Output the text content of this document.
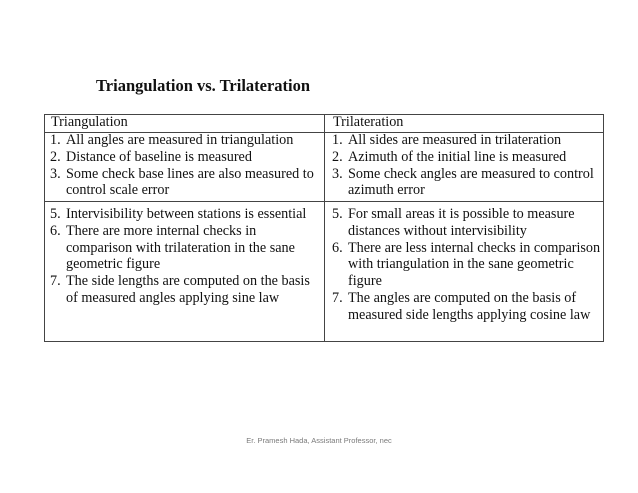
Triangulation vs. Trilateration
Triangulation	Trilateration

1. All angles are measured in triangulation

2. Distance of baseline is measured

3. Some check base lines are also measured to control scale error

1. All sides are measured in trilateration

2. Azimuth of the initial line is measured

3. Some check angles are measured to control azimuth error

5. Intervisibility between stations is essential

6. There are more internal checks in comparison with trilateration in the sane geometric figure

7. The side lengths are computed on the basis of measured angles applying sine law

5. For small areas it is possible to measure distances without intervisibility

6. There are less internal checks in comparison with triangulation in the sane geometric figure

7. The angles are computed on the basis of measured side lengths applying cosine law

Er. Pramesh Hada, Assistant Professor, nec
